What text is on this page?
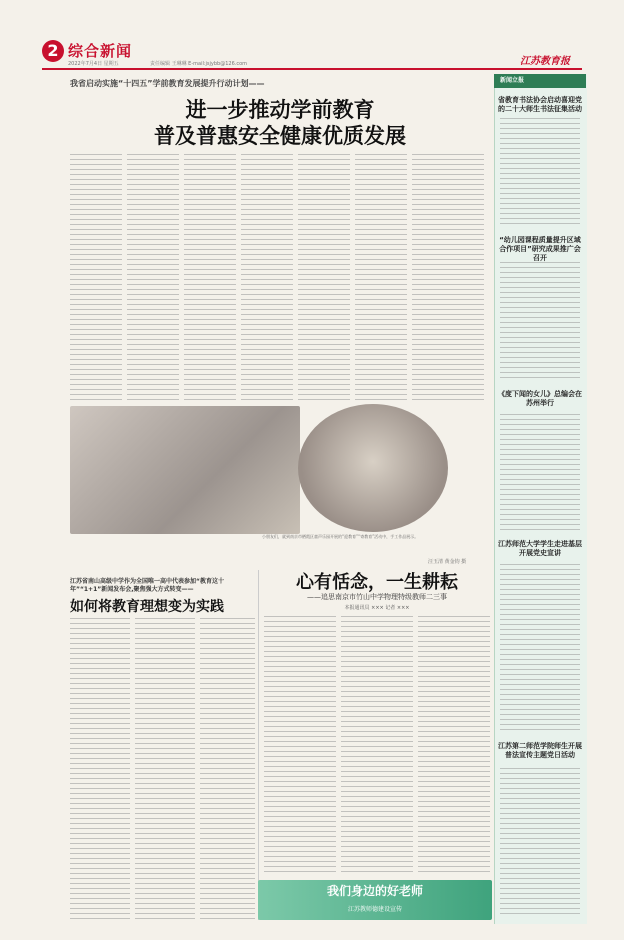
2 综合新闻
2022年7月4日 星期五	责任编辑 王琳琳 E-mail:jsjybb@126.com	江苏教育报
我省启动实施“十四五”学前教育发展提升行动计划——
进一步推动学前教育
普及普惠安全健康优质发展
小朋友们，就到南京市栖霞区童声乐园开展的“迎教育”“寄教育”活动中，手工作品展示。
汪玉清 黄金钧 摄
江苏省南山高级中学作为全国唯一高中代表参加“教育这十年”“1+1”新闻发布会,聚焦强大方式转变——
如何将教育理想变为实践
心有恬念，一生耕耘
——追思南京市竹山中学物理特级教师二三事
本报通讯员 ××× 记者 ×××
我们身边的好老师
江苏教师德建设宣传
新闻立报
省教育书法协会启动喜迎党的二十大师生书法征集活动
“幼儿园课程质量提升区域合作项目”研究成果推广会召开
《度下闻的女儿》总编会在苏州举行
江苏师范大学学生走进基层开展党史宣讲
江苏第二师范学院师生开展普法宣传主题党日活动
